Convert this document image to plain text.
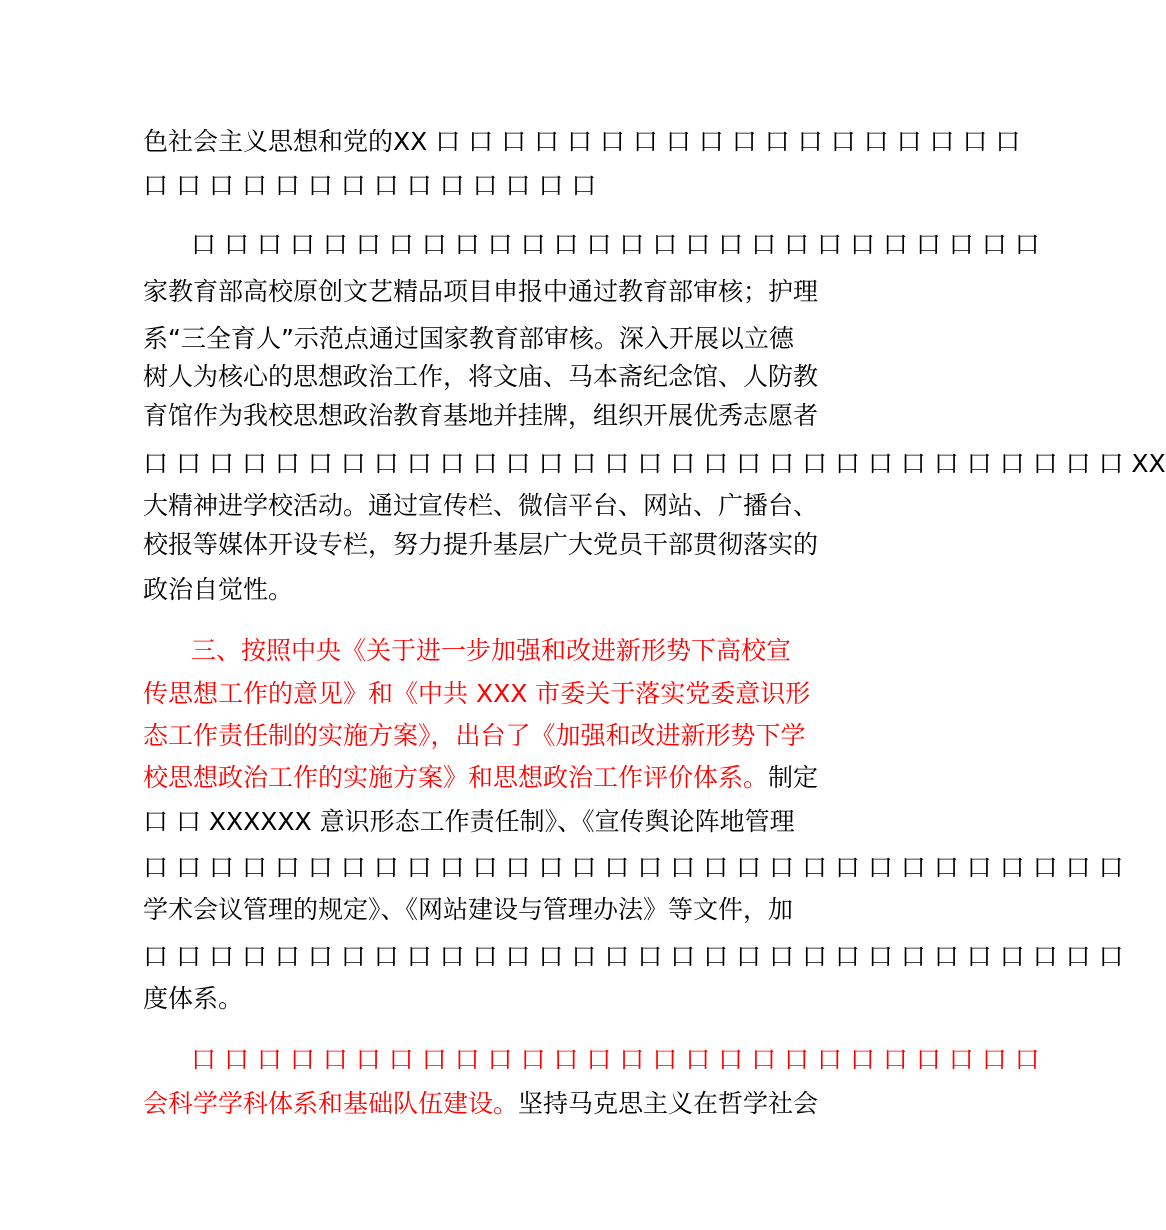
色社会主义思想和党的XX 口 口 口 口 口 口 口 口 口 口 口 口 口 口 口 口 口 口
口 口 口 口 口 口 口 口 口 口 口 口 口 口
口 口 口 口 口 口 口 口 口 口 口 口 口 口 口 口 口 口 口 口 口 口 口 口 口 口
家教育部高校原创文艺精品项目申报中通过教育部审核；护理
系“三全育人”示范点通过国家教育部审核。深入开展以立德
树人为核心的思想政治工作，将文庙、马本斋纪念馆、人防教
育馆作为我校思想政治教育基地并挂牌，组织开展优秀志愿者
口 口 口 口 口 口 口 口 口 口 口 口 口 口 口 口 口 口 口 口 口 口 口 口 口 口 口 口 口 口 XX
大精神进学校活动。通过宣传栏、微信平台、网站、广播台、
校报等媒体开设专栏，努力提升基层广大党员干部贯彻落实的
政治自觉性。
三、按照中央《关于进一步加强和改进新形势下高校宣
传思想工作的意见》和《中共 XXX 市委关于落实党委意识形
态工作责任制的实施方案》，出台了《加强和改进新形势下学
校思想政治工作的实施方案》和思想政治工作评价体系。制定
口 口 XXXXXX 意识形态工作责任制》、《宣传舆论阵地管理
口 口 口 口 口 口 口 口 口 口 口 口 口 口 口 口 口 口 口 口 口 口 口 口 口 口 口 口 口 口
学术会议管理的规定》、《网站建设与管理办法》等文件，加
口 口 口 口 口 口 口 口 口 口 口 口 口 口 口 口 口 口 口 口 口 口 口 口 口 口 口 口 口 口
度体系。
口 口 口 口 口 口 口 口 口 口 口 口 口 口 口 口 口 口 口 口 口 口 口 口 口 口
会科学学科体系和基础队伍建设。坚持马克思主义在哲学社会
